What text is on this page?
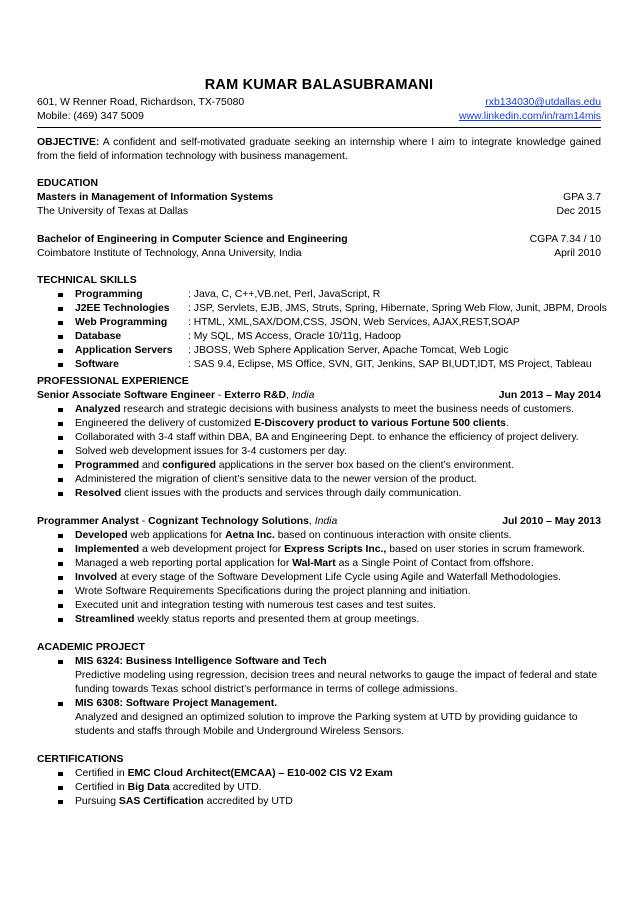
RAM KUMAR BALASUBRAMANI
601, W Renner Road, Richardson, TX-75080	rxb134030@utdallas.edu
Mobile: (469) 347 5009	www.linkedin.com/in/ram14mis
OBJECTIVE: A confident and self-motivated graduate seeking an internship where I aim to integrate knowledge gained from the field of information technology with business management.
EDUCATION
Masters in Management of Information Systems	GPA 3.7
The University of Texas at Dallas	Dec 2015
Bachelor of Engineering in Computer Science and Engineering	CGPA 7.34 / 10
Coimbatore Institute of Technology, Anna University, India	April 2010
TECHNICAL SKILLS
Programming	: Java, C, C++,VB.net, Perl, JavaScript, R
J2EE Technologies : JSP, Servlets, EJB, JMS, Struts, Spring, Hibernate, Spring Web Flow, Junit, JBPM, Drools
Web Programming : HTML, XML,SAX/DOM,CSS, JSON, Web Services, AJAX,REST,SOAP
Database	: My SQL, MS Access, Oracle 10/11g, Hadoop
Application Servers : JBOSS, Web Sphere Application Server, Apache Tomcat, Web Logic
Software	: SAS 9.4, Eclipse, MS Office, SVN, GIT, Jenkins, SAP BI,UDT,IDT, MS Project, Tableau
PROFESSIONAL EXPERIENCE
Senior Associate Software Engineer - Exterro R&D, India	Jun 2013 – May 2014
Analyzed research and strategic decisions with business analysts to meet the business needs of customers.
Engineered the delivery of customized E-Discovery product to various Fortune 500 clients.
Collaborated with 3-4 staff within DBA, BA and Engineering Dept. to enhance the efficiency of project delivery.
Solved web development issues for 3-4 customers per day.
Programmed and configured applications in the server box based on the client’s environment.
Administered the migration of client’s sensitive data to the newer version of the product.
Resolved client issues with the products and services through daily communication.
Programmer Analyst - Cognizant Technology Solutions, India	Jul 2010 – May 2013
Developed web applications for Aetna Inc. based on continuous interaction with onsite clients.
Implemented a web development project for Express Scripts Inc., based on user stories in scrum framework.
Managed a web reporting portal application for Wal-Mart as a Single Point of Contact from offshore.
Involved at every stage of the Software Development Life Cycle using Agile and Waterfall Methodologies.
Wrote Software Requirements Specifications during the project planning and initiation.
Executed unit and integration testing with numerous test cases and test suites.
Streamlined weekly status reports and presented them at group meetings.
ACADEMIC PROJECT
MIS 6324: Business Intelligence Software and Tech
Predictive modeling using regression, decision trees and neural networks to gauge the impact of federal and state funding towards Texas school district’s performance in terms of college admissions.
MIS 6308: Software Project Management.
Analyzed and designed an optimized solution to improve the Parking system at UTD by providing guidance to students and staffs through Mobile and Underground Wireless Sensors.
CERTIFICATIONS
Certified in EMC Cloud Architect(EMCAA) – E10-002 CIS V2 Exam
Certified in Big Data accredited by UTD.
Pursuing SAS Certification accredited by UTD
